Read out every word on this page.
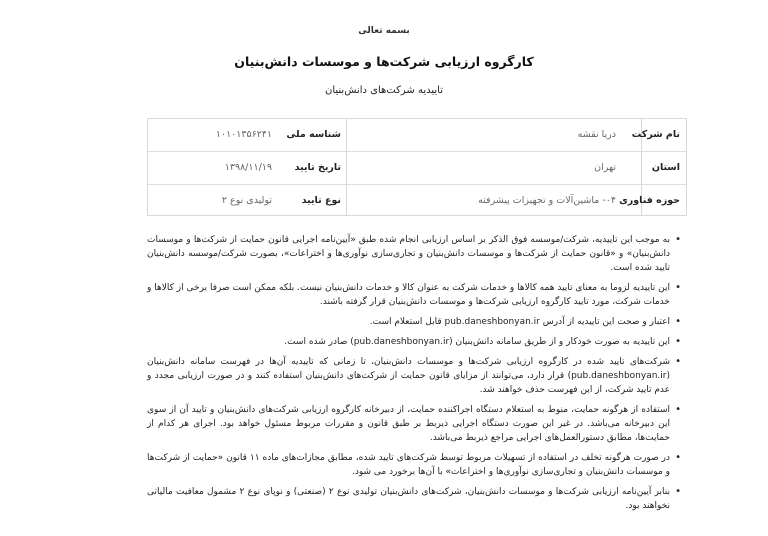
بسمه تعالی
کارگروه ارزیابی شرکت‌ها و موسسات دانش‌بنیان
تاییدیه شرکت‌های دانش‌بنیان
نام شرکت
دریا نقشه
شناسه ملی
۱۰۱۰۱۳۵۶۲۴۱
استان
تهران
تاریخ تایید
۱۳۹۸/۱۱/۱۹
حوزه فناوری
۰۴- ماشین‌آلات و تجهیزات پیشرفته
نوع تایید
تولیدی نوع ۲
• به موجب این تاییدیه، شرکت/موسسه فوق الذکر بر اساس ارزیابی انجام شده طبق «آیین‌نامه اجرایی قانون حمایت از شرکت‌ها و موسسات دانش‌بنیان» و «قانون حمایت از شرکت‌ها و موسسات دانش‌بنیان و تجاری‌سازی نوآوری‌ها و اختراعات»، بصورت شرکت/موسسه دانش‌بنیان تایید شده است.
• این تاییدیه لزوما به معنای تایید همه کالاها و خدمات شرکت به عنوان کالا و خدمات دانش‌بنیان نیست. بلکه ممکن است صرفا برخی از کالاها و خدمات شرکت، مورد تایید کارگروه ارزیابی شرکت‌ها و موسسات دانش‌بنیان قرار گرفته باشند.
• اعتبار و صحت این تاییدیه از آدرس pub.daneshbonyan.ir قابل استعلام است.
• این تاییدیه به صورت خودکار و از طریق سامانه دانش‌بنیان (pub.daneshbonyan.ir) صادر شده است.
• شرکت‌های تایید شده در کارگروه ارزیابی شرکت‌ها و موسسات دانش‌بنیان، تا زمانی که تاییدیه آن‌ها در فهرست سامانه دانش‌بنیان (pub.daneshbonyan.ir) قرار دارد، می‌توانند از مزایای قانون حمایت از شرکت‌های دانش‌بنیان استفاده کنند و در صورت ارزیابی مجدد و عدم تایید شرکت، از این فهرست حذف خواهند شد.
• استفاده از هرگونه حمایت، منوط به استعلام دستگاه اجراکننده حمایت، از دبیرخانه کارگروه ارزیابی شرکت‌های دانش‌بنیان و تایید آن از سوی این دبیرخانه می‌باشد. در غیر این صورت دستگاه اجرایی ذیربط بر طبق قانون و مقررات مربوط مسئول خواهد بود. اجرای هر کدام از حمایت‌ها، مطابق دستورالعمل‌های اجرایی مراجع ذیربط می‌باشد.
• در صورت هرگونه تخلف در استفاده از تسهیلات مربوط توسط شرکت‌های تایید شده، مطابق مجازات‌های ماده ۱۱ قانون «حمایت از شرکت‌ها و موسسات دانش‌بنیان و تجاری‌سازی نوآوری‌ها و اختراعات» با آن‌ها برخورد می شود.
• بنابر آیین‌نامه ارزیابی شرکت‌ها و موسسات دانش‌بنیان، شرکت‌های دانش‌بنیان تولیدی نوع ۲ (صنعتی) و نوپای نوع ۲ مشمول معافیت مالیاتی نخواهند بود.
